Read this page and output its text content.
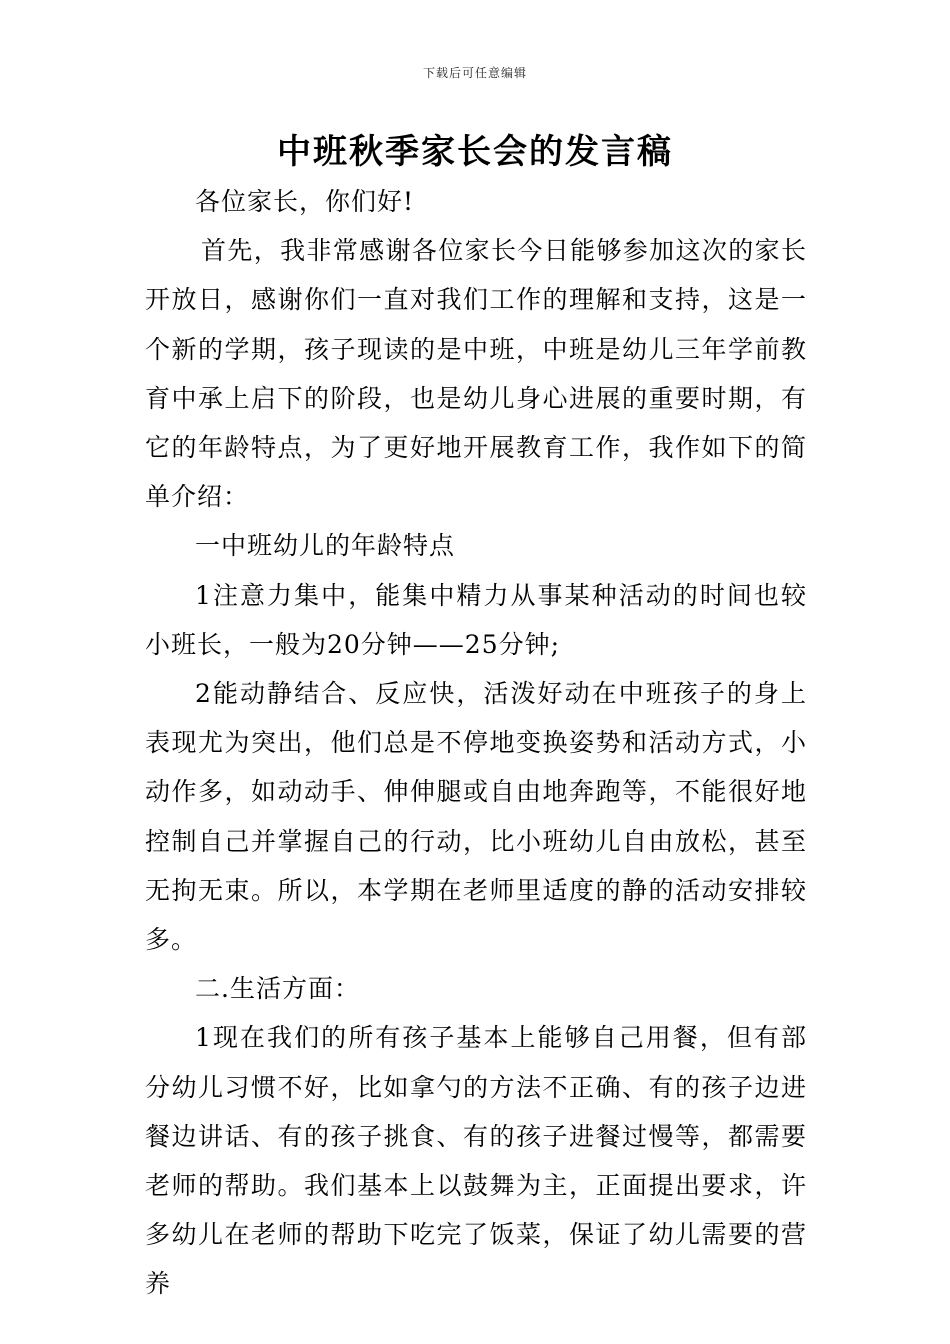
下载后可任意编辑
中班秋季家长会的发言稿

各位家长，你们好!

首先，我非常感谢各位家长今日能够参加这次的家长开放日，感谢你们一直对我们工作的理解和支持，这是一个新的学期，孩子现读的是中班，中班是幼儿三年学前教育中承上启下的阶段，也是幼儿身心进展的重要时期，有它的年龄特点，为了更好地开展教育工作，我作如下的简单介绍：

一中班幼儿的年龄特点

1注意力集中，能集中精力从事某种活动的时间也较小班长，一般为20分钟——25分钟;

2能动静结合、反应快，活泼好动在中班孩子的身上表现尤为突出，他们总是不停地变换姿势和活动方式，小动作多，如动动手、伸伸腿或自由地奔跑等，不能很好地控制自己并掌握自己的行动，比小班幼儿自由放松，甚至无拘无束。所以，本学期在老师里适度的静的活动安排较多。

二.生活方面：

1现在我们的所有孩子基本上能够自己用餐，但有部分幼儿习惯不好，比如拿勺的方法不正确、有的孩子边进餐边讲话、有的孩子挑食、有的孩子进餐过慢等，都需要老师的帮助。我们基本上以鼓舞为主，正面提出要求，许多幼儿在老师的帮助下吃完了饭菜，保证了幼儿需要的营养
